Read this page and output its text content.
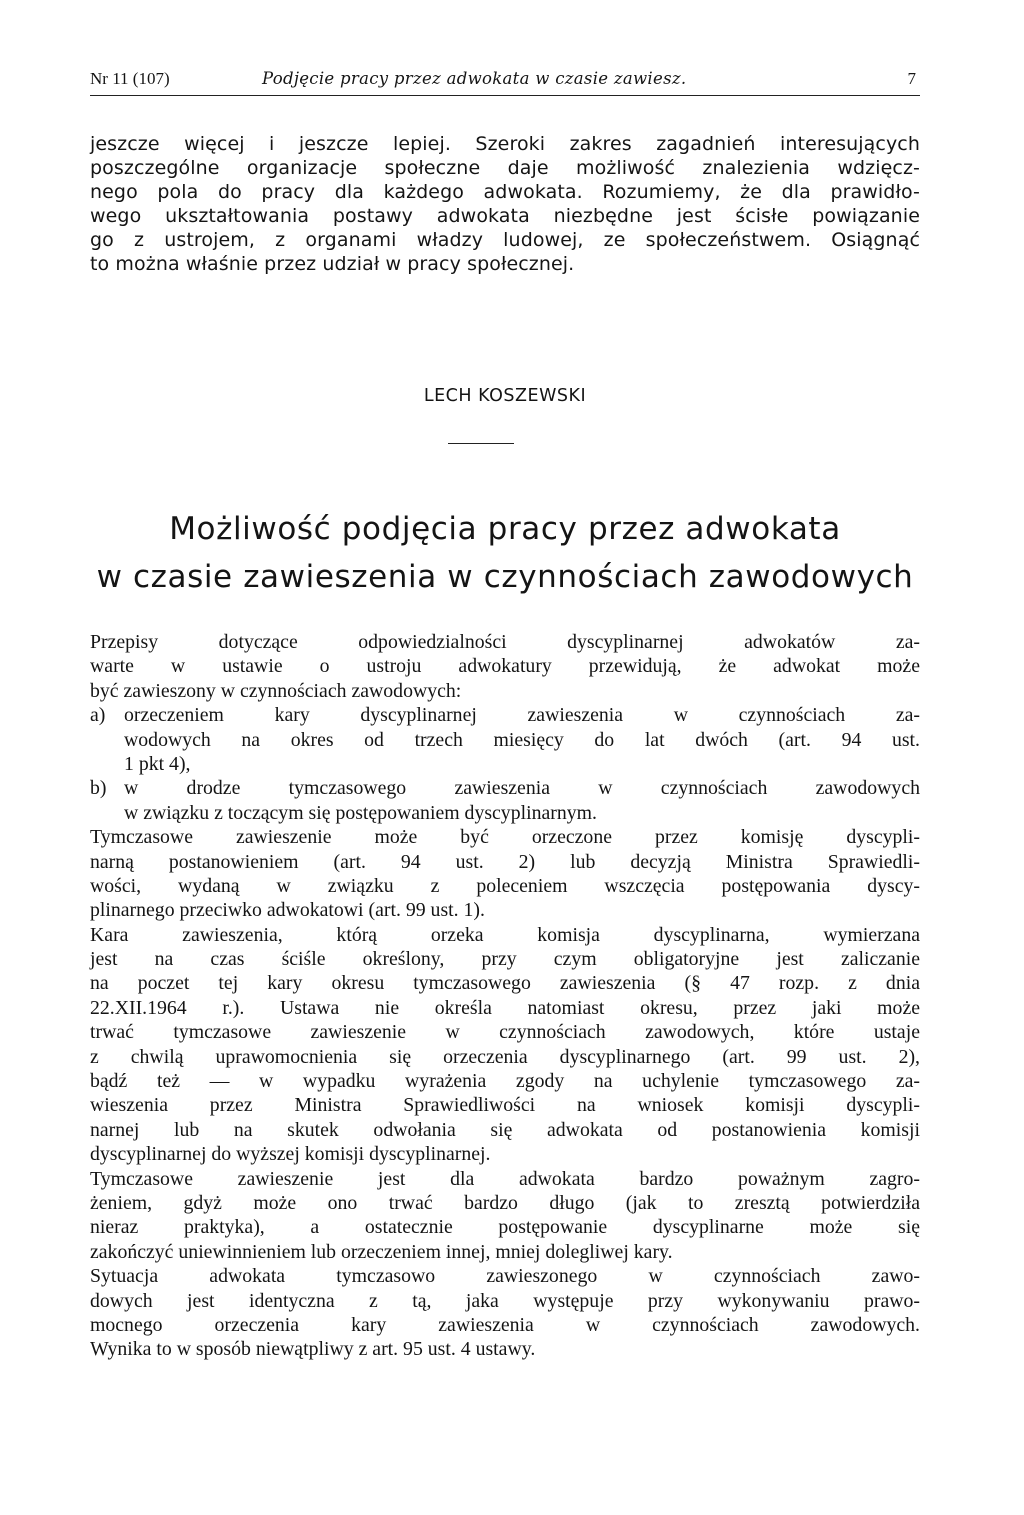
Nr 11 (107)	Podjęcie pracy przez adwokata w czasie zawiesz.	7
jeszcze więcej i jeszcze lepiej. Szeroki zakres zagadnień interesujących
poszczególne organizacje społeczne daje możliwość znalezienia wdzięcz-
nego pola do pracy dla każdego adwokata. Rozumiemy, że dla prawidło-
wego ukształtowania postawy adwokata niezbędne jest ścisłe powiązanie
go z ustrojem, z organami władzy ludowej, ze społeczeństwem. Osiągnąć
to można właśnie przez udział w pracy społecznej.
LECH KOSZEWSKI
Możliwość podjęcia pracy przez adwokata
w czasie zawieszenia w czynnościach zawodowych
Przepisy dotyczące odpowiedzialności dyscyplinarnej adwokatów za-
warte w ustawie o ustroju adwokatury przewidują, że adwokat może
być zawieszony w czynnościach zawodowych:
a) orzeczeniem kary dyscyplinarnej zawieszenia w czynnościach za-
wodowych na okres od trzech miesięcy do lat dwóch (art. 94 ust.
1 pkt 4),
b) w drodze tymczasowego zawieszenia w czynnościach zawodowych
w związku z toczącym się postępowaniem dyscyplinarnym.
Tymczasowe zawieszenie może być orzeczone przez komisję dyscypli-
narną postanowieniem (art. 94 ust. 2) lub decyzją Ministra Sprawiedli-
wości, wydaną w związku z poleceniem wszczęcia postępowania dyscy-
plinarnego przeciwko adwokatowi (art. 99 ust. 1).
Kara zawieszenia, którą orzeka komisja dyscyplinarna, wymierzana
jest na czas ściśle określony, przy czym obligatoryjne jest zaliczanie
na poczet tej kary okresu tymczasowego zawieszenia (§ 47 rozp. z dnia
22.XII.1964 r.). Ustawa nie określa natomiast okresu, przez jaki może
trwać tymczasowe zawieszenie w czynnościach zawodowych, które ustaje
z chwilą uprawomocnienia się orzeczenia dyscyplinarnego (art. 99 ust. 2),
bądź też — w wypadku wyrażenia zgody na uchylenie tymczasowego za-
wieszenia przez Ministra Sprawiedliwości na wniosek komisji dyscypli-
narnej lub na skutek odwołania się adwokata od postanowienia komisji
dyscyplinarnej do wyższej komisji dyscyplinarnej.
Tymczasowe zawieszenie jest dla adwokata bardzo poważnym zagro-
żeniem, gdyż może ono trwać bardzo długo (jak to zresztą potwierdziła
nieraz praktyka), a ostatecznie postępowanie dyscyplinarne może się
zakończyć uniewinnieniem lub orzeczeniem innej, mniej dolegliwej kary.
Sytuacja adwokata tymczasowo zawieszonego w czynnościach zawo-
dowych jest identyczna z tą, jaka występuje przy wykonywaniu prawo-
mocnego orzeczenia kary zawieszenia w czynnościach zawodowych.
Wynika to w sposób niewątpliwy z art. 95 ust. 4 ustawy.
